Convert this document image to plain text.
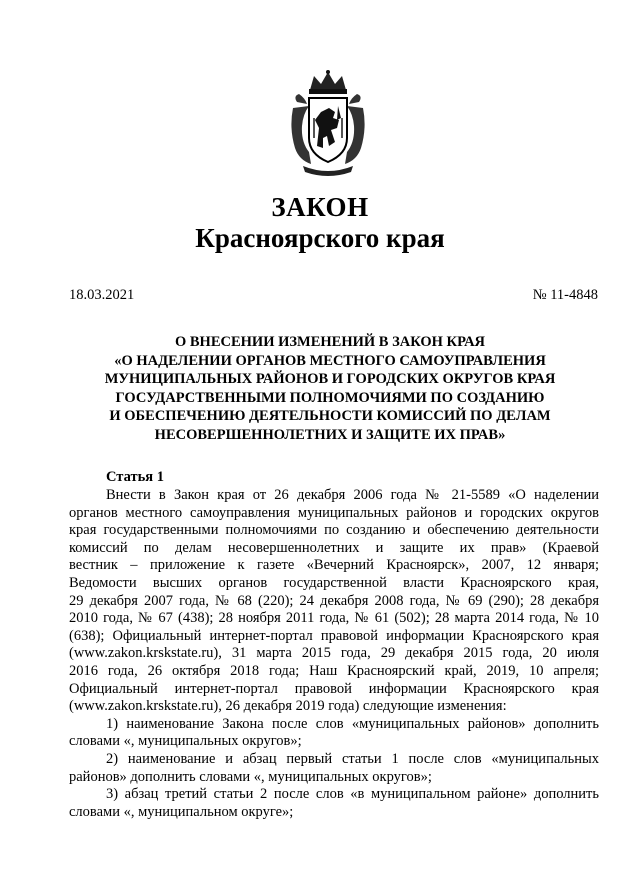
ЗАКОН
Красноярского края
18.03.2021	№ 11-4848
О ВНЕСЕНИИ ИЗМЕНЕНИЙ В ЗАКОН КРАЯ
«О НАДЕЛЕНИИ ОРГАНОВ МЕСТНОГО САМОУПРАВЛЕНИЯ
МУНИЦИПАЛЬНЫХ РАЙОНОВ И ГОРОДСКИХ ОКРУГОВ КРАЯ
ГОСУДАРСТВЕННЫМИ ПОЛНОМОЧИЯМИ ПО СОЗДАНИЮ
И ОБЕСПЕЧЕНИЮ ДЕЯТЕЛЬНОСТИ КОМИССИЙ ПО ДЕЛАМ
НЕСОВЕРШЕННОЛЕТНИХ И ЗАЩИТЕ ИХ ПРАВ»
Статья 1
Внести в Закон края от 26 декабря 2006 года № 21-5589 «О наделении
органов местного самоуправления муниципальных районов и городских округов
края государственными полномочиями по созданию и обеспечению деятельности
комиссий по делам несовершеннолетних и защите их прав» (Краевой
вестник – приложение к газете «Вечерний Красноярск», 2007, 12 января;
Ведомости высших органов государственной власти Красноярского края,
29 декабря 2007 года, № 68 (220); 24 декабря 2008 года, № 69 (290); 28 декабря
2010 года, № 67 (438); 28 ноября 2011 года, № 61 (502); 28 марта 2014 года, № 10
(638); Официальный интернет-портал правовой информации Красноярского края
(www.zakon.krskstate.ru), 31 марта 2015 года, 29 декабря 2015 года, 20 июля
2016 года, 26 октября 2018 года; Наш Красноярский край, 2019, 10 апреля;
Официальный интернет-портал правовой информации Красноярского края
(www.zakon.krskstate.ru), 26 декабря 2019 года) следующие изменения:
1) наименование Закона после слов «муниципальных районов» дополнить
словами «, муниципальных округов»;
2) наименование и абзац первый статьи 1 после слов «муниципальных
районов» дополнить словами «, муниципальных округов»;
3) абзац третий статьи 2 после слов «в муниципальном районе» дополнить
словами «, муниципальном округе»;
